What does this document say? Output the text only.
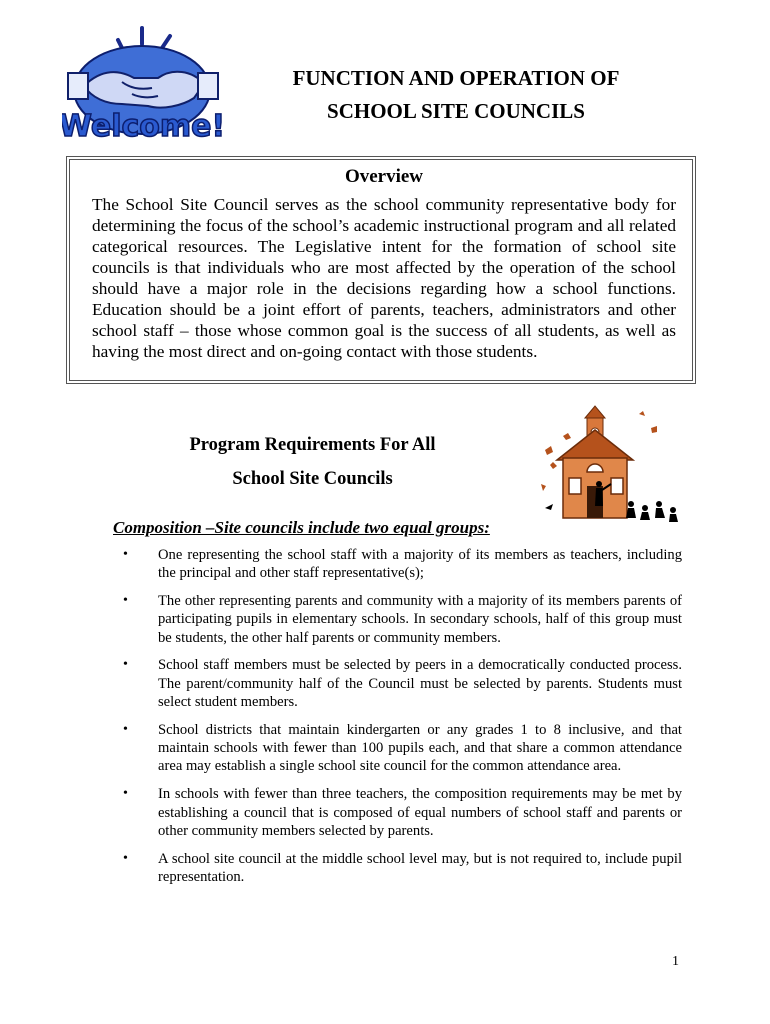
Welcome!
FUNCTION AND OPERATION OF
SCHOOL SITE COUNCILS
Overview

The School Site Council serves as the school community representative body for determining the focus of the school’s academic instructional program and all related categorical resources. The Legislative intent for the formation of school site councils is that individuals who are most affected by the operation of the school should have a major role in the decisions regarding how a school functions. Education should be a joint effort of parents, teachers, administrators and other school staff – those whose common goal is the success of all students, as well as having the most direct and on-going contact with those students.

Program Requirements For All
School Site Councils
Composition –Site councils include two equal groups:
• One representing the school staff with a majority of its members as teachers, including the principal and other staff representative(s);
• The other representing parents and community with a majority of its members parents of participating pupils in elementary schools. In secondary schools, half of this group must be students, the other half parents or community members.
• School staff members must be selected by peers in a democratically conducted process. The parent/community half of the Council must be selected by parents. Students must select student members.
• School districts that maintain kindergarten or any grades 1 to 8 inclusive, and that maintain schools with fewer than 100 pupils each, and that share a common attendance area may establish a single school site council for the common attendance area.
• In schools with fewer than three teachers, the composition requirements may be met by establishing a council that is composed of equal numbers of school staff and parents or other community members selected by parents.
• A school site council at the middle school level may, but is not required to, include pupil representation.
1
